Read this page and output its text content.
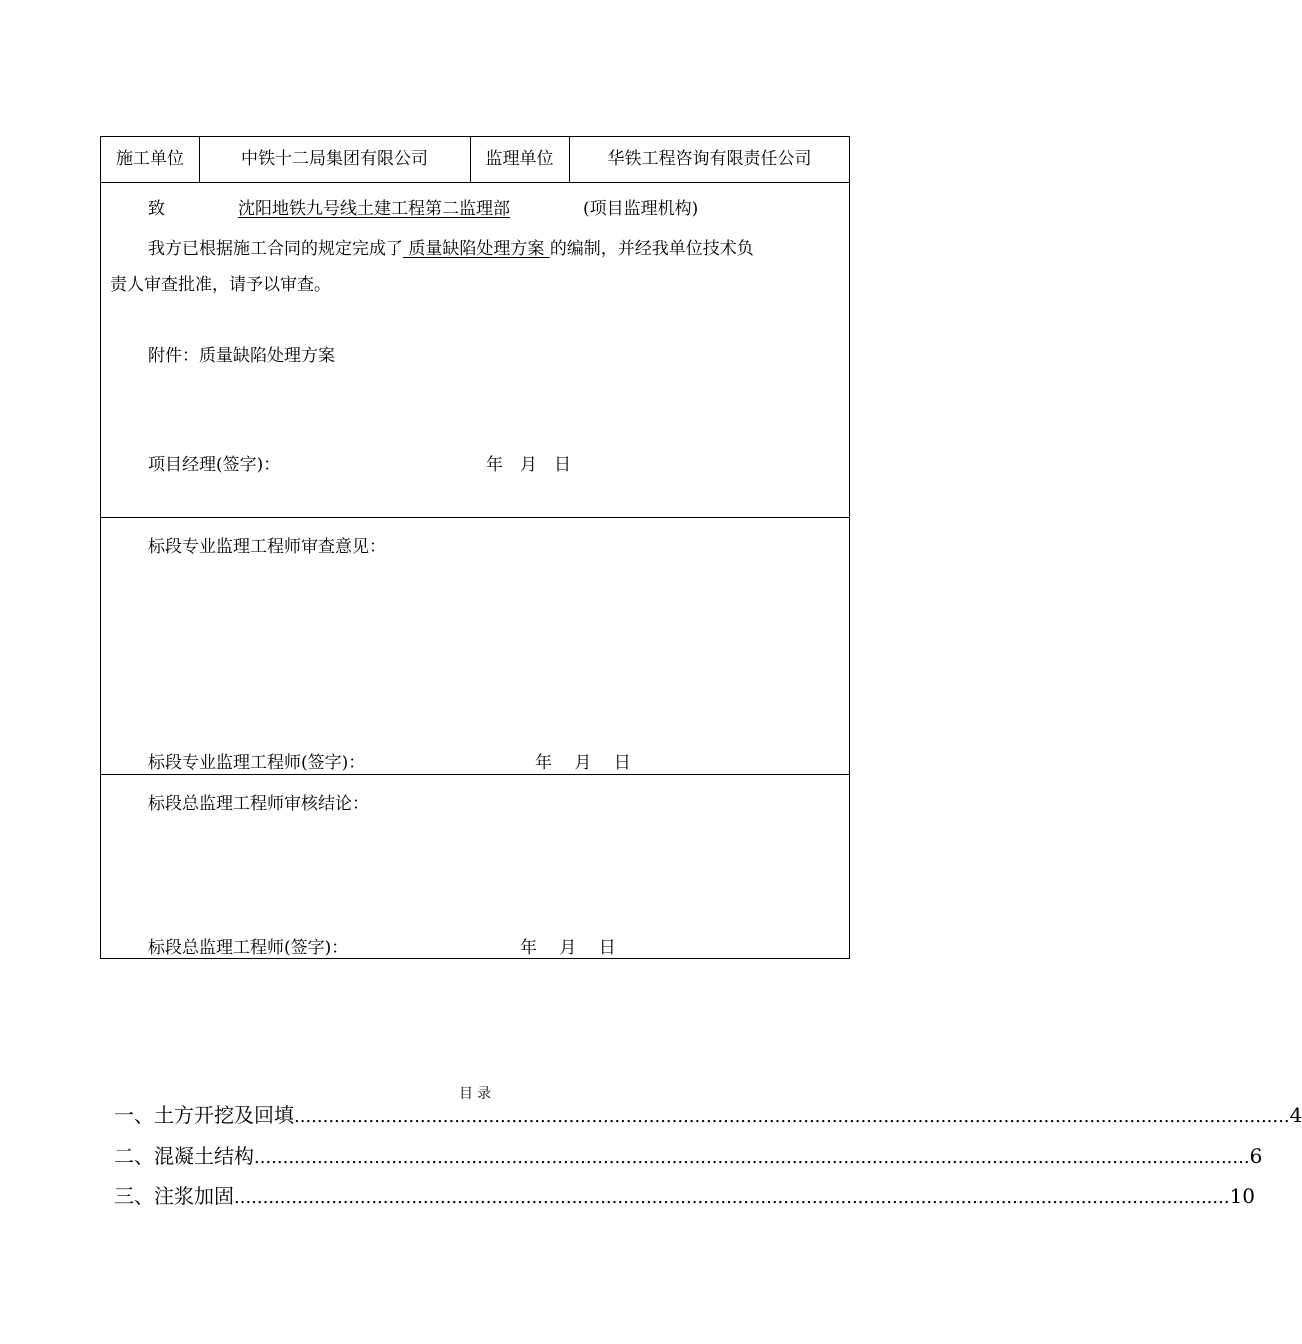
施工单位	中铁十二局集团有限公司	监理单位	华铁工程咨询有限责任公司
致	沈阳地铁九号线土建工程第二监理部	(项目监理机构)
我方已根据施工合同的规定完成了 质量缺陷处理方案 的编制，并经我单位技术负
责人审查批准，请予以审查。
附件：质量缺陷处理方案
项目经理(签字)：	年　月　日
标段专业监理工程师审查意见：
标段专业监理工程师(签字)：	年　 月　 日
标段总监理工程师审核结论：
标段总监理工程师(签字)：	年　 月　 日
目录
一、土方开挖及回填 .............................................................................................................................................................................. 4
二、混凝土结构 .............................................................................................................................................................................. 6
三、注浆加固 .............................................................................................................................................................................. 10
